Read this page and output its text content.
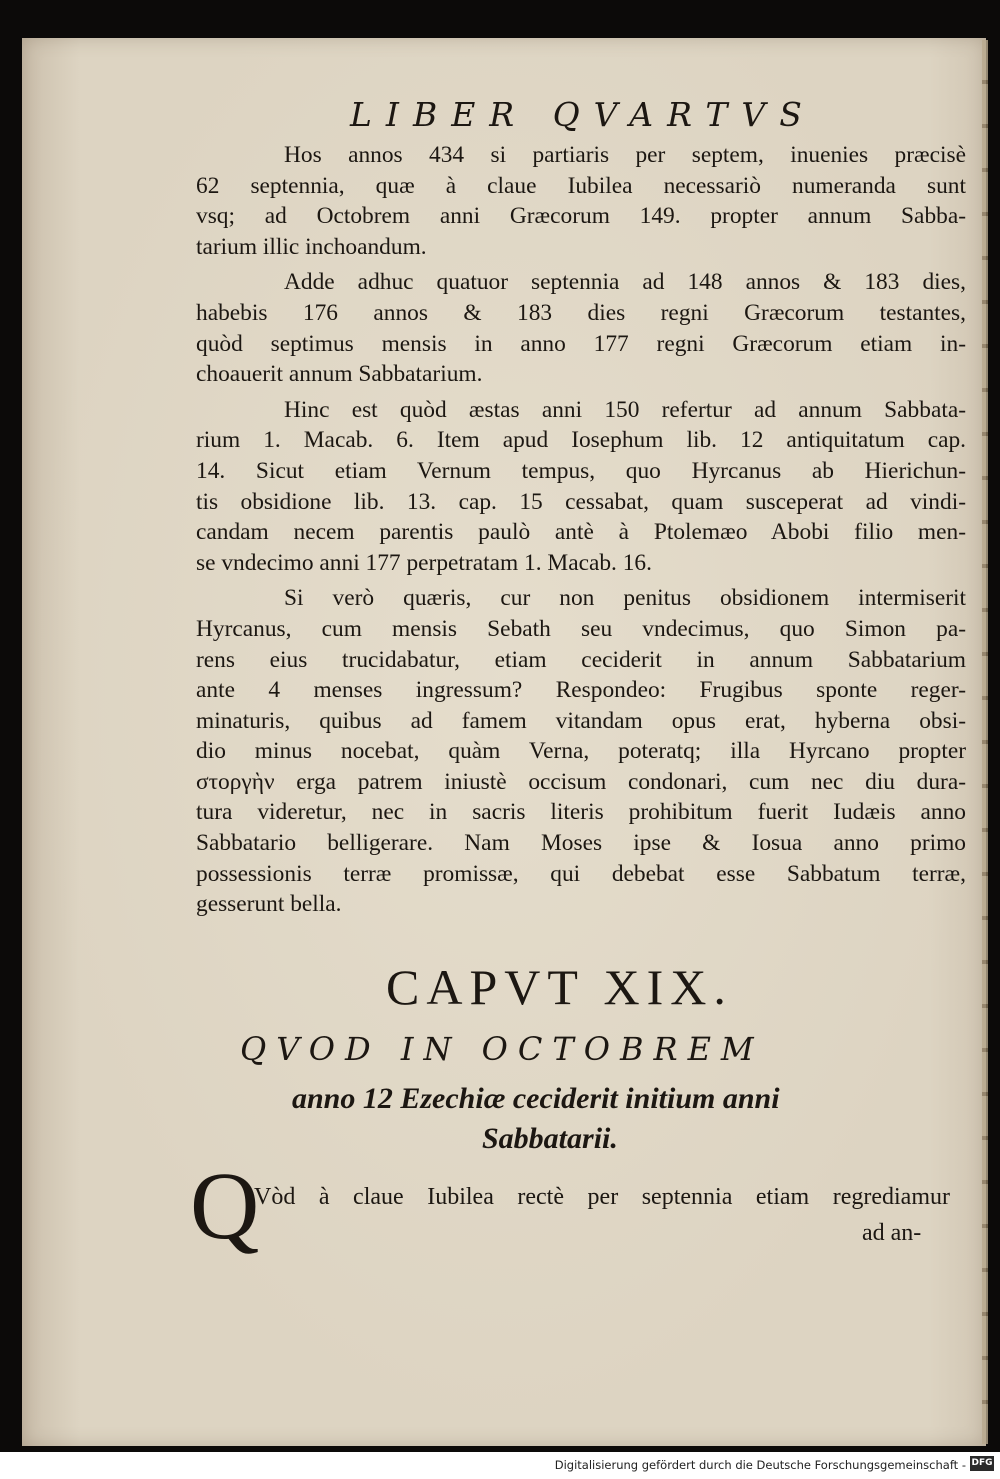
LIBER QVARTVS

Hos annos 434 si partiaris per septem, inuenies præcisè
62 septennia, quæ à claue Iubilea necessariò numeranda sunt
vsq; ad Octobrem anni Græcorum 149. propter annum Sabba-
tarium illic inchoandum.

Adde adhuc quatuor septennia ad 148 annos & 183 dies,
habebis 176 annos & 183 dies regni Græcorum testantes,
quòd septimus mensis in anno 177 regni Græcorum etiam in-
choauerit annum Sabbatarium.

Hinc est quòd æstas anni 150 refertur ad annum Sabbata-
rium 1. Macab. 6. Item apud Iosephum lib. 12 antiquitatum cap.
14. Sicut etiam Vernum tempus, quo Hyrcanus ab Hierichun-
tis obsidione lib. 13. cap. 15 cessabat, quam susceperat ad vindi-
candam necem parentis paulò antè à Ptolemæo Abobi filio men-
se vndecimo anni 177 perpetratam 1. Macab. 16.

Si verò quæris, cur non penitus obsidionem intermiserit
Hyrcanus, cum mensis Sebath seu vndecimus, quo Simon pa-
rens eius trucidabatur, etiam ceciderit in annum Sabbatarium
ante 4 menses ingressum? Respondeo: Frugibus sponte reger-
minaturis, quibus ad famem vitandam opus erat, hyberna obsi-
dio minus nocebat, quàm Verna, poteratq; illa Hyrcano propter
στοργὴν erga patrem iniustè occisum condonari, cum nec diu dura-
tura videretur, nec in sacris literis prohibitum fuerit Iudæis anno
Sabbatario belligerare. Nam Moses ipse & Iosua anno primo
possessionis terræ promissæ, qui debebat esse Sabbatum terræ,
gesserunt bella.

CAPVT XIX.
QVOD IN OCTOBREM
anno 12 Ezechiæ ceciderit initium anni
Sabbatarii.
Q
Vòd à claue Iubilea rectè per septennia etiam regrediamur
ad an-
Digitalisierung gefördert durch die Deutsche Forschungsgemeinschaft - DFG
